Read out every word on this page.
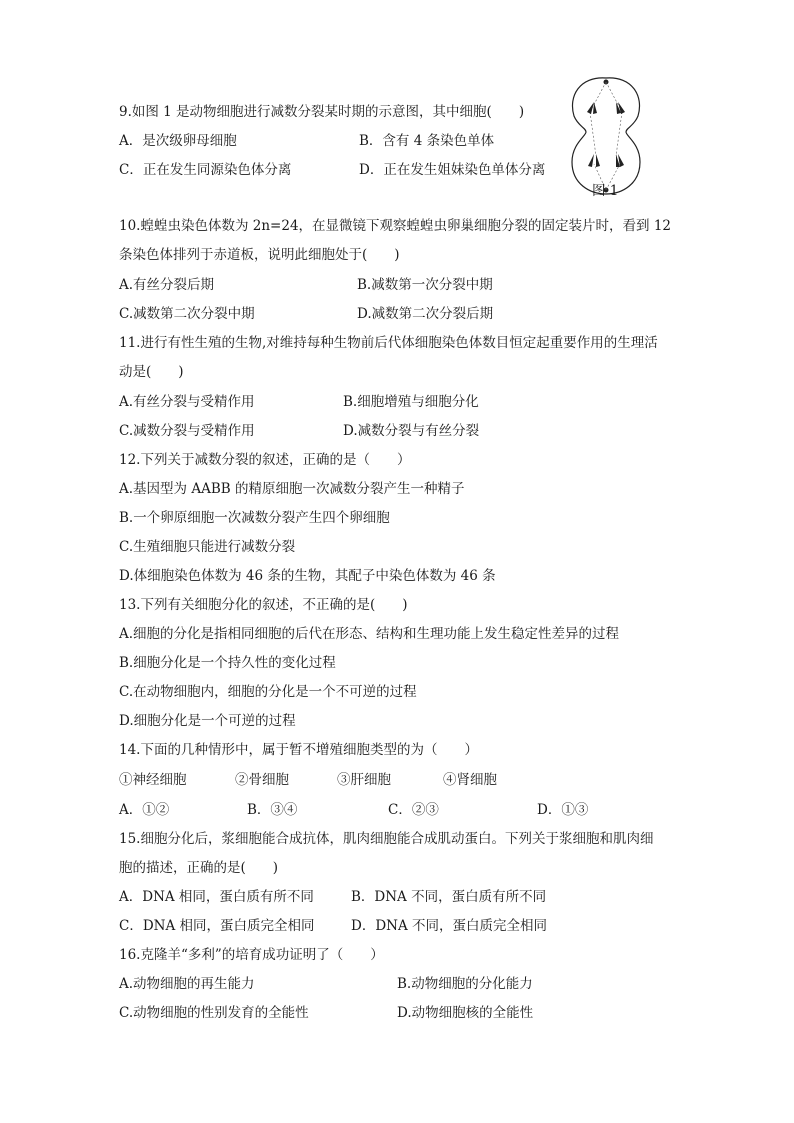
9.如图 1 是动物细胞进行减数分裂某时期的示意图，其中细胞(　　)
A．是次级卵母细胞	B．含有 4 条染色单体
C．正在发生同源染色体分离	D．正在发生姐妹染色单体分离
图 1
10.蝗蝗虫染色体数为 2n=24，在显微镜下观察蝗蝗虫卵巢细胞分裂的固定装片时，看到 12
条染色体排列于赤道板，说明此细胞处于(　　)
A.有丝分裂后期	B.减数第一次分裂中期
C.减数第二次分裂中期	D.减数第二次分裂后期
11.进行有性生殖的生物,对维持每种生物前后代体细胞染色体数目恒定起重要作用的生理活
动是(　　)
A.有丝分裂与受精作用	B.细胞增殖与细胞分化
C.减数分裂与受精作用	D.减数分裂与有丝分裂
12.下列关于减数分裂的叙述，正确的是（　　）
A.基因型为 AABB 的精原细胞一次减数分裂产生一种精子
B.一个卵原细胞一次减数分裂产生四个卵细胞
C.生殖细胞只能进行减数分裂
D.体细胞染色体数为 46 条的生物，其配子中染色体数为 46 条
13.下列有关细胞分化的叙述，不正确的是(　　)
A.细胞的分化是指相同细胞的后代在形态、结构和生理功能上发生稳定性差异的过程
B.细胞分化是一个持久性的变化过程
C.在动物细胞内，细胞的分化是一个不可逆的过程
D.细胞分化是一个可逆的过程
14.下面的几种情形中，属于暂不增殖细胞类型的为（　　）
①神经细胞	②骨细胞	③肝细胞	④肾细胞
A．①②	B．③④	C．②③	D．①③
15.细胞分化后，浆细胞能合成抗体，肌肉细胞能合成肌动蛋白。下列关于浆细胞和肌肉细
胞的描述，正确的是(　　)
A．DNA 相同，蛋白质有所不同	B．DNA 不同，蛋白质有所不同
C．DNA 相同，蛋白质完全相同	D．DNA 不同，蛋白质完全相同
16.克隆羊“多利”的培育成功证明了（　　）
A.动物细胞的再生能力	B.动物细胞的分化能力
C.动物细胞的性别发育的全能性	D.动物细胞核的全能性
